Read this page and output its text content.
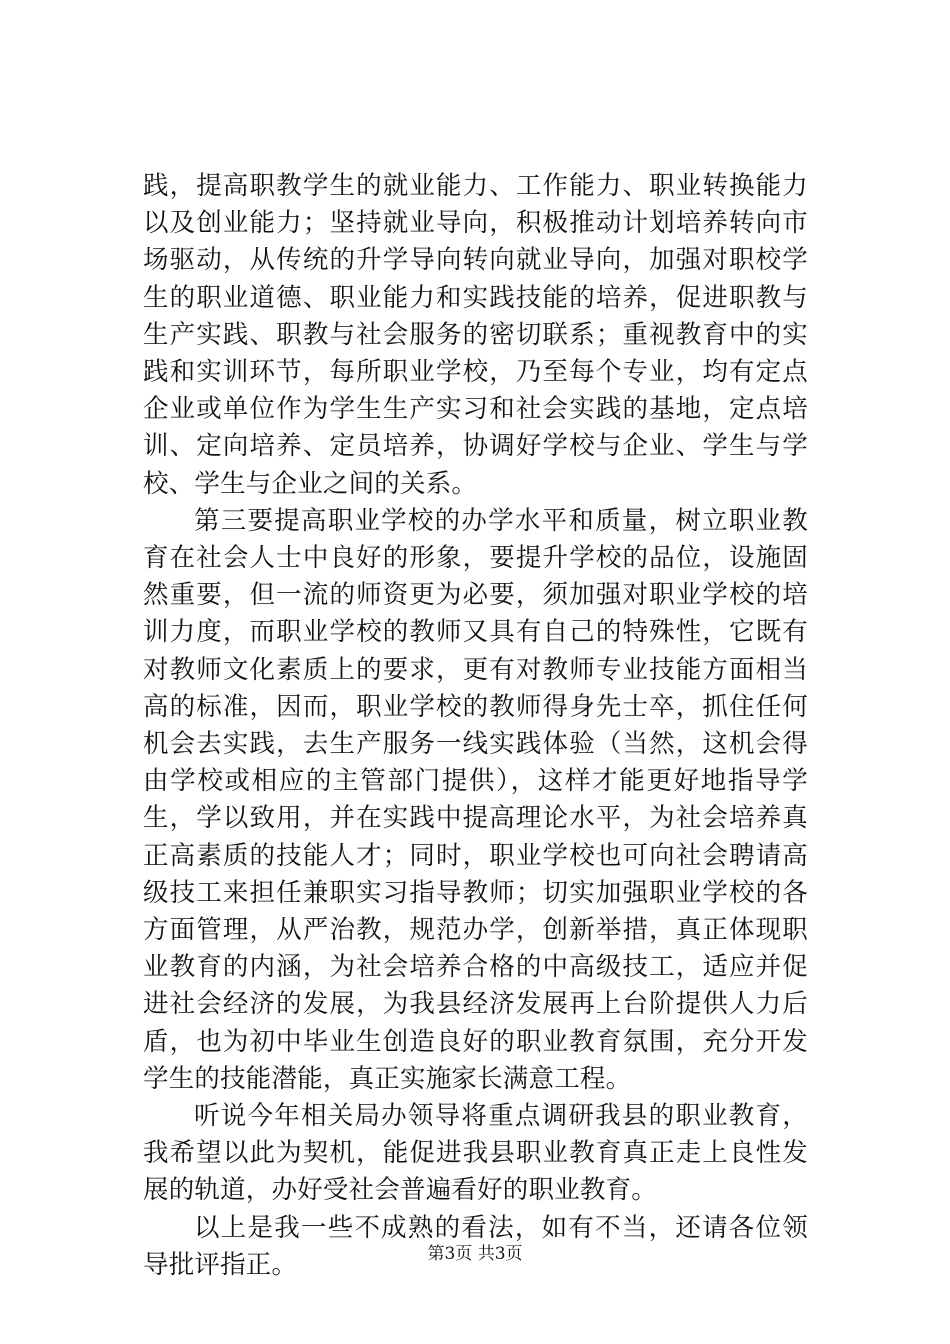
践，提高职教学生的就业能力、工作能力、职业转换能力以及创业能力；坚持就业导向，积极推动计划培养转向市场驱动，从传统的升学导向转向就业导向，加强对职校学生的职业道德、职业能力和实践技能的培养，促进职教与生产实践、职教与社会服务的密切联系；重视教育中的实践和实训环节，每所职业学校，乃至每个专业，均有定点企业或单位作为学生生产实习和社会实践的基地，定点培训、定向培养、定员培养，协调好学校与企业、学生与学校、学生与企业之间的关系。

第三要提高职业学校的办学水平和质量，树立职业教育在社会人士中良好的形象，要提升学校的品位，设施固然重要，但一流的师资更为必要，须加强对职业学校的培训力度，而职业学校的教师又具有自己的特殊性，它既有对教师文化素质上的要求，更有对教师专业技能方面相当高的标准，因而，职业学校的教师得身先士卒，抓住任何机会去实践，去生产服务一线实践体验（当然，这机会得由学校或相应的主管部门提供），这样才能更好地指导学生，学以致用，并在实践中提高理论水平，为社会培养真正高素质的技能人才；同时，职业学校也可向社会聘请高级技工来担任兼职实习指导教师；切实加强职业学校的各方面管理，从严治教，规范办学，创新举措，真正体现职业教育的内涵，为社会培养合格的中高级技工，适应并促进社会经济的发展，为我县经济发展再上台阶提供人力后盾，也为初中毕业生创造良好的职业教育氛围，充分开发学生的技能潜能，真正实施家长满意工程。

听说今年相关局办领导将重点调研我县的职业教育，我希望以此为契机，能促进我县职业教育真正走上良性发展的轨道，办好受社会普遍看好的职业教育。

以上是我一些不成熟的看法，如有不当，还请各位领导批评指正。	第3页 共3页
